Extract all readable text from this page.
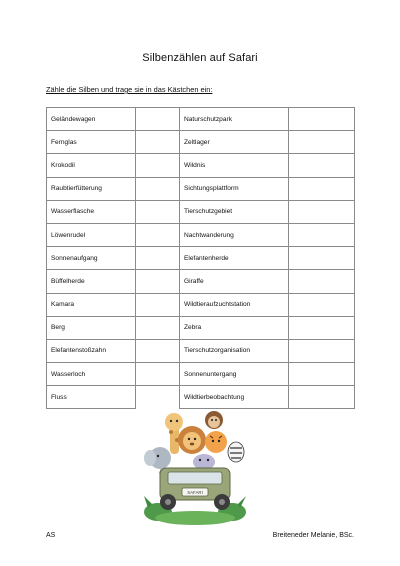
Silbenzählen auf Safari
Zähle die Silben und trage sie in das Kästchen ein:
Geländewagen		Naturschutzpark	
Fernglas		Zeltlager	
Krokodil		Wildnis	
Raubtierfütterung		Sichtungsplattform	
Wasserflasche		Tierschutzgebiet	
Löwenrudel		Nachtwanderung	
Sonnenaufgang		Elefantenherde	
Büffelherde		Giraffe	
Kamara		Wildtieraufzuchtstation	
Berg		Zebra	
Elefantenstoßzahn		Tierschutzorganisation	
Wasserloch		Sonnenuntergang	
Fluss		Wildtierbeobachtung	
SAFARI
AS	Breiteneder Melanie, BSc.
